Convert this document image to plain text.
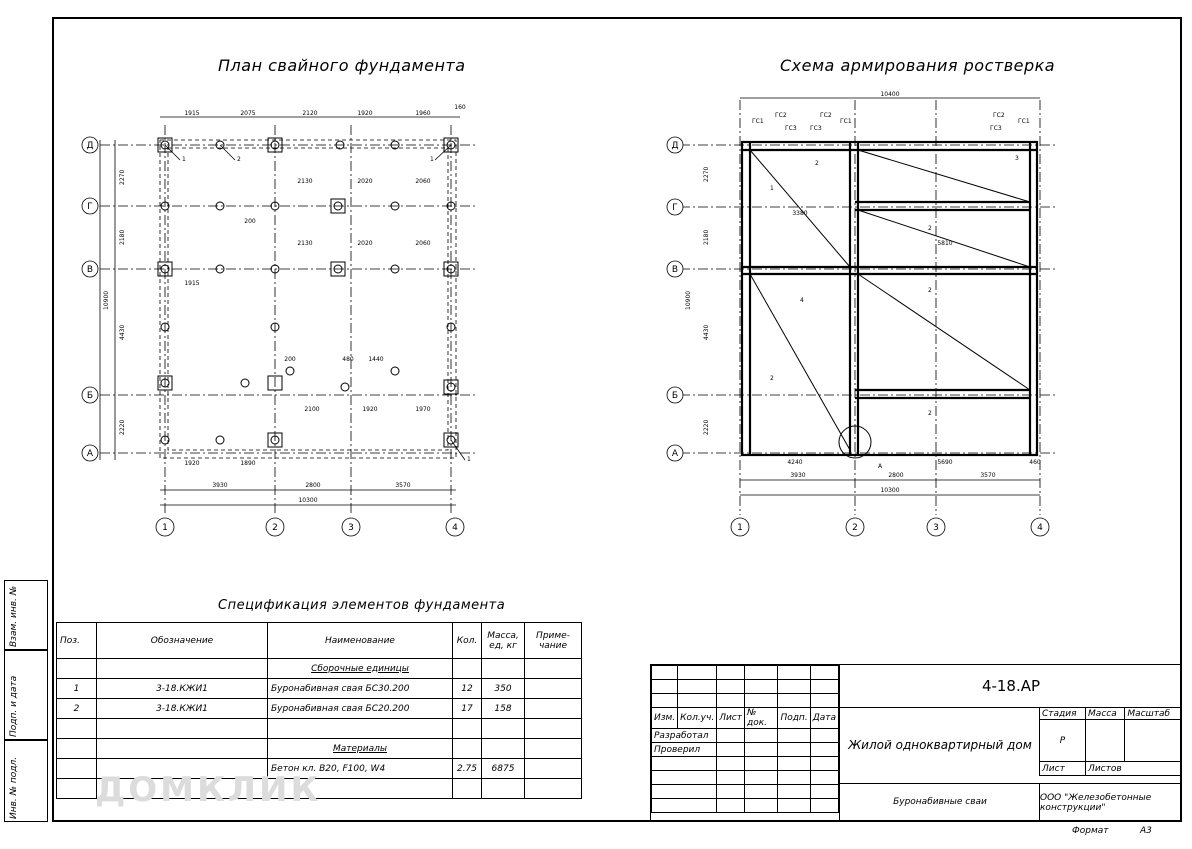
Взам. инв. №
Подп. и дата
Инв. № подл.
План свайного фундамента	Схема армирования ростверка
Д
Г
В
Б
А
1	2	3	4
1915	2075	2120	1920	1960
160
3930	2800	3570
10300
2130	2020	2060
2130	2020	2060
1915
2100	1920	1970
1920	1890
480 1440
200
200
2270
2180
4430
2220
10900
1	2	1
1
Д
Г
В
Б
А
1	2	3	4
10400
3930	2800	3570
10300
4240	5690	460
3380
5810
2270
2180
4430
2220
10900
ГС1
ГС2
ГС3
ГС2
ГС1
ГС3
ГС2
ГС1
ГС3
1
2
3
2
4
2
2
2
А
Спецификация элементов фундамента
Поз.	Обозначение	Наименование	Кол.	Масса, ед, кг	Приме- чание
		Сборочные единицы			
1	3-18.КЖИ1	Буронабивная свая БС30.200	12	350	
2	3-18.КЖИ1	Буронабивная свая БС20.200	17	158	

		Материалы			
		Бетон кл. В20, F100, W4	2.75	6875	

ДОМКЛИК

Изм.	Кол.уч.	Лист	№ док.	Подп.	Дата
Разработал					
Проверил					

4-18.АР
Жилой одноквартирный дом
Буронабивные сваи
Стадия	Масса	Масштаб
Р		
Лист	Листов	
ООО "Железобетонные конструкции"
Формат	А3
